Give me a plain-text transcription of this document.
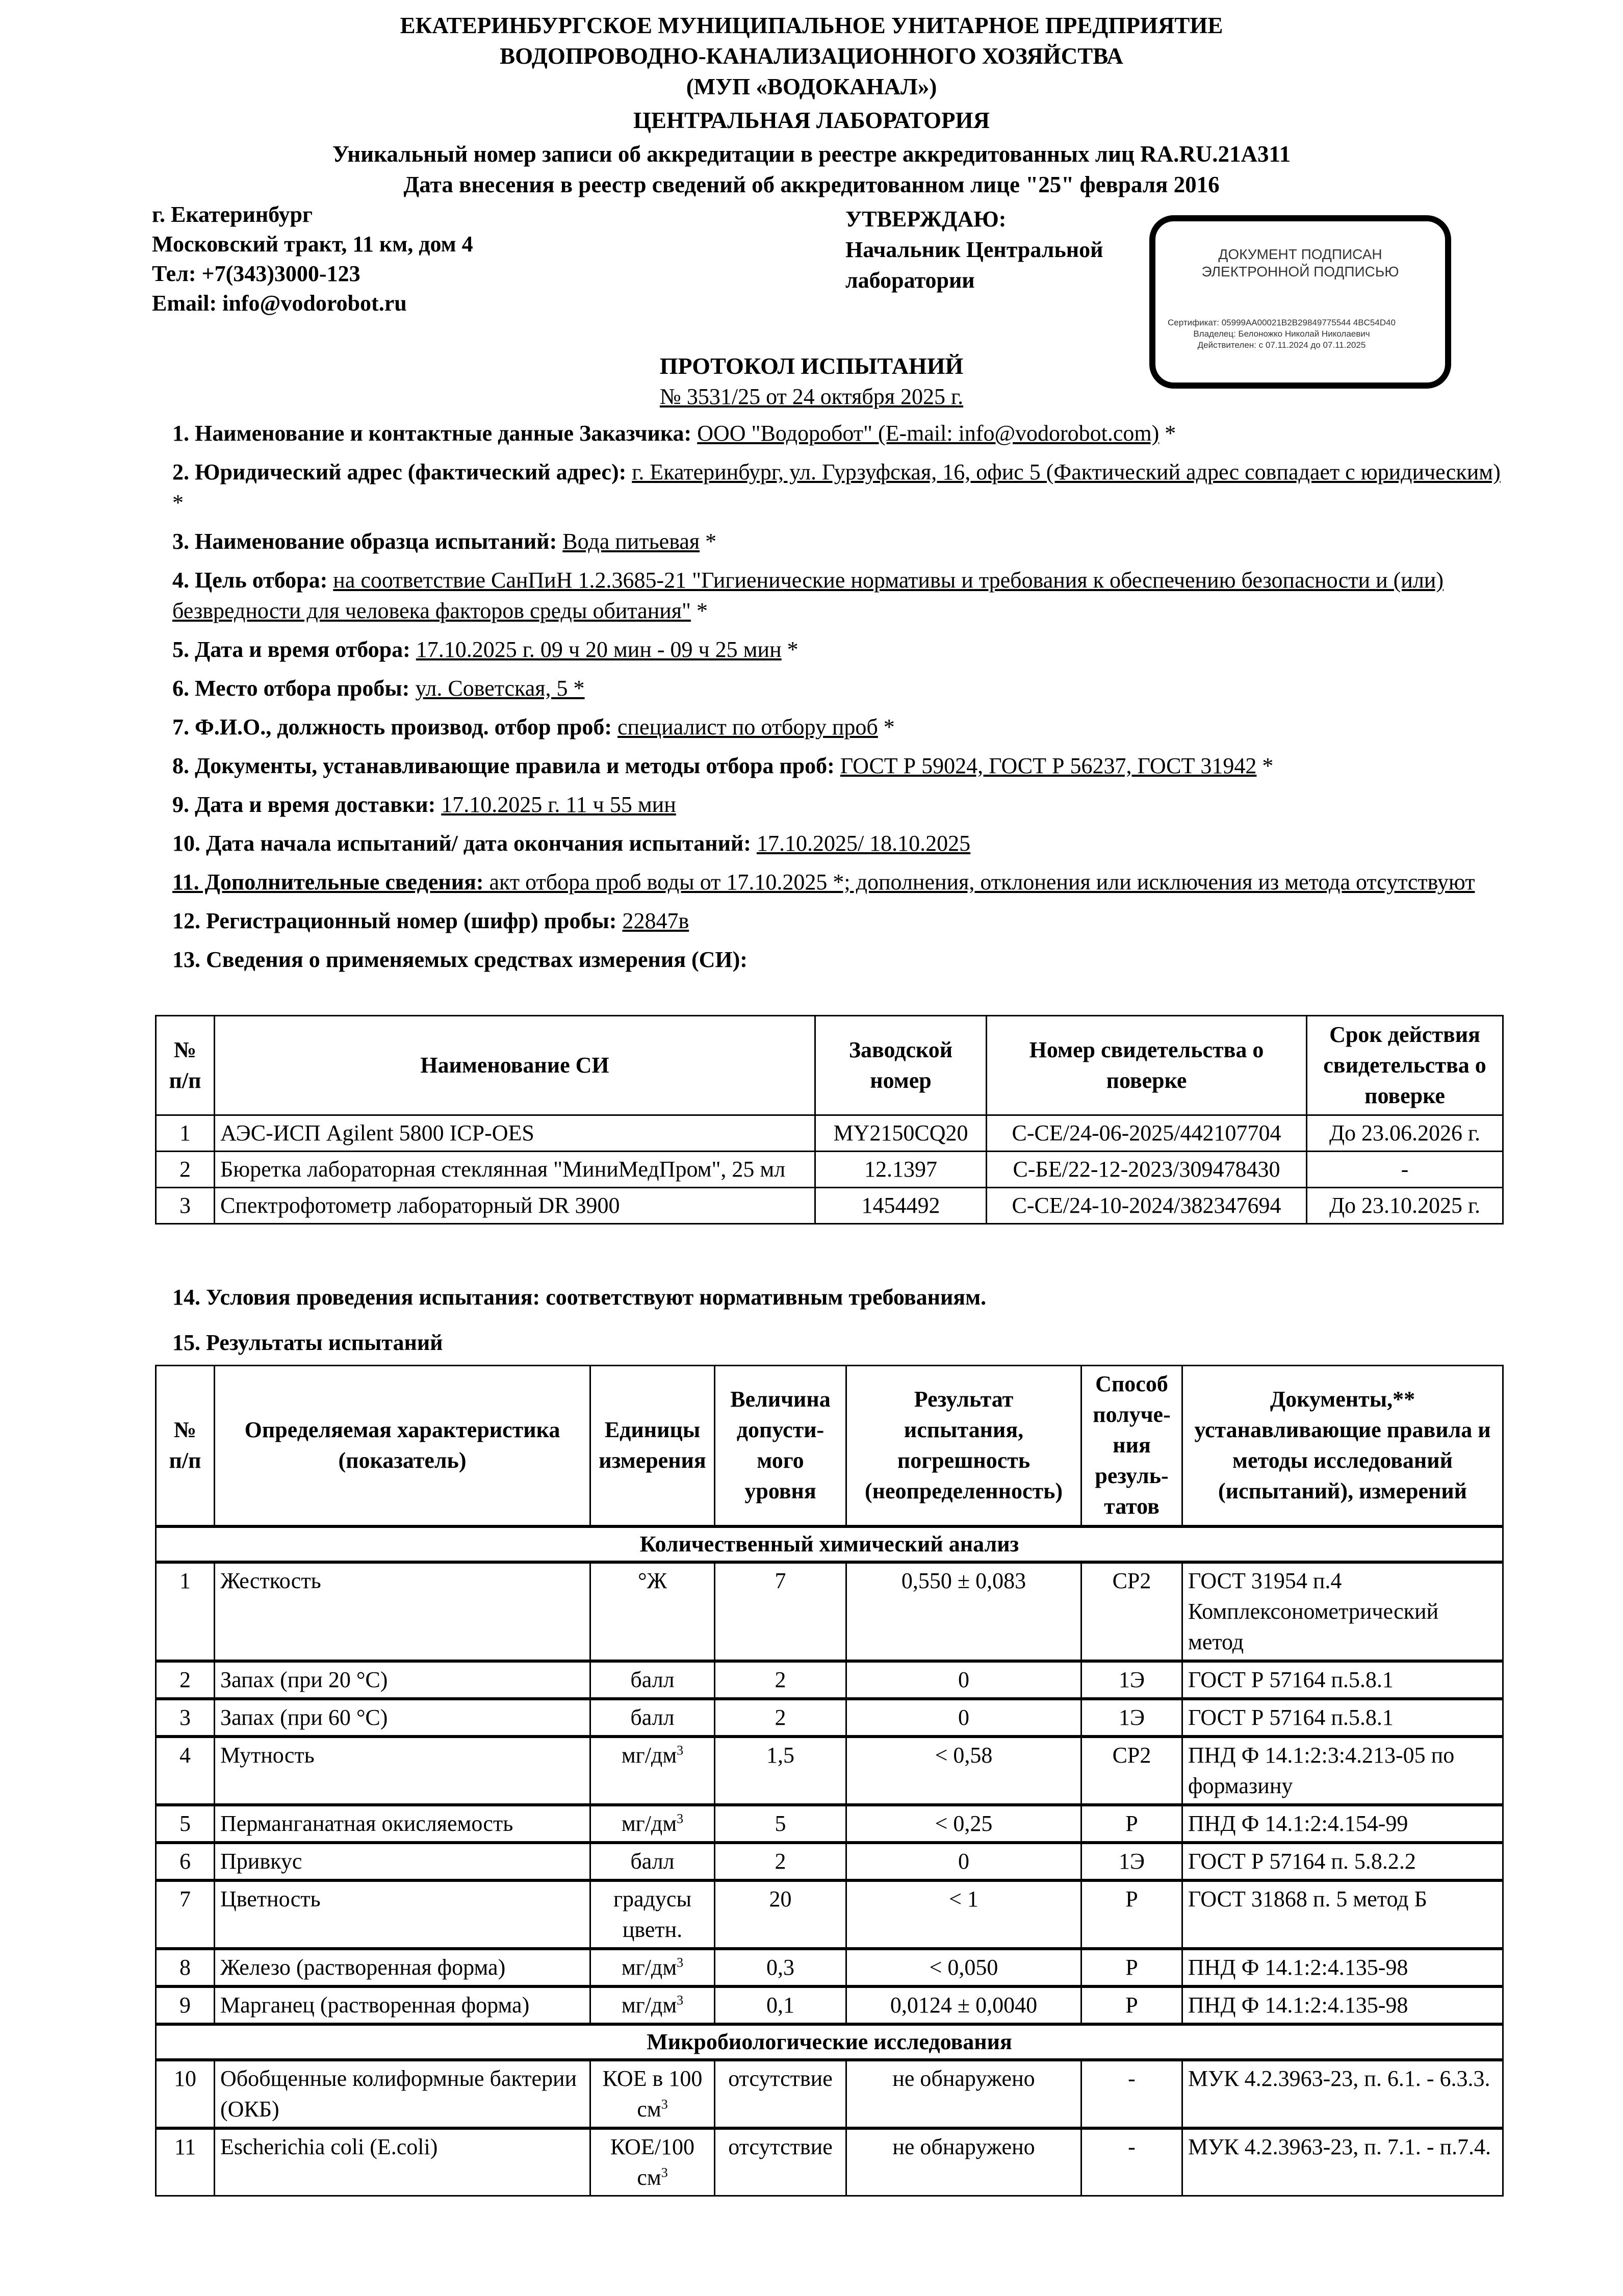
ЕКАТЕРИНБУРГСКОЕ МУНИЦИПАЛЬНОЕ УНИТАРНОЕ ПРЕДПРИЯТИЕ
ВОДОПРОВОДНО-КАНАЛИЗАЦИОННОГО ХОЗЯЙСТВА
(МУП «ВОДОКАНАЛ»)
ЦЕНТРАЛЬНАЯ ЛАБОРАТОРИЯ
Уникальный номер записи об аккредитации в реестре аккредитованных лиц RA.RU.21А311
Дата внесения в реестр сведений об аккредитованном лице "25" февраля 2016
г. Екатеринбург
Московский тракт, 11 км, дом 4
Тел: +7(343)3000-123
Email: info@vodorobot.ru
УТВЕРЖДАЮ:
Начальник Центральной
лаборатории
ДОКУМЕНТ ПОДПИСАН
ЭЛЕКТРОННОЙ ПОДПИСЬЮ
Сертификат: 05999AA00021B2B29849775544 4BC54D40
Владелец: Белоножко Николай Николаевич
Действителен: с 07.11.2024 до 07.11.2025
ПРОТОКОЛ ИСПЫТАНИЙ
№ 3531/25 от 24 октября 2025 г.
1. Наименование и контактные данные Заказчика: ООО "Водоробот" (E-mail: info@vodorobot.com) *
2. Юридический адрес (фактический адрес): г. Екатеринбург, ул. Гурзуфская, 16, офис 5 (Фактический адрес совпадает с юридическим) *
3. Наименование образца испытаний: Вода питьевая *
4. Цель отбора: на соответствие СанПиН 1.2.3685-21 "Гигиенические нормативы и требования к обеспечению безопасности и (или) безвредности для человека факторов среды обитания" *
5. Дата и время отбора: 17.10.2025 г. 09 ч 20 мин - 09 ч 25 мин *
6. Место отбора пробы: ул. Советская, 5 *
7. Ф.И.О., должность производ. отбор проб: специалист по отбору проб *
8. Документы, устанавливающие правила и методы отбора проб: ГОСТ Р 59024, ГОСТ Р 56237, ГОСТ 31942 *
9. Дата и время доставки: 17.10.2025 г. 11 ч 55 мин
10. Дата начала испытаний/ дата окончания испытаний: 17.10.2025/ 18.10.2025
11. Дополнительные сведения: акт отбора проб воды от 17.10.2025 *; дополнения, отклонения или исключения из метода отсутствуют
12. Регистрационный номер (шифр) пробы: 22847в
13. Сведения о применяемых средствах измерения (СИ):
№ п/п	Наименование СИ	Заводской номер	Номер свидетельства о поверке	Срок действия свидетельства о поверке
1	АЭС-ИСП Agilent 5800 ICP-OES	MY2150CQ20	С-СЕ/24-06-2025/442107704	До 23.06.2026 г.
2	Бюретка лабораторная стеклянная "МиниМедПром", 25 мл	12.1397	С-БЕ/22-12-2023/309478430	-
3	Спектрофотометр лабораторный DR 3900	1454492	С-СЕ/24-10-2024/382347694	До 23.10.2025 г.
14. Условия проведения испытания: соответствуют нормативным требованиям.
15. Результаты испытаний
№ п/п	Определяемая характеристика (показатель)	Единицы измерения	Величина допусти-мого уровня	Результат испытания, погрешность (неопределенность)	Способ получе-ния резуль-татов	Документы,** устанавливающие правила и методы исследований (испытаний), измерений
Количественный химический анализ						
1	Жесткость	°Ж	7	0,550 ± 0,083	СР2	ГОСТ 31954 п.4 Комплексонометрический метод
2	Запах (при 20 °С)	балл	2	0	1Э	ГОСТ Р 57164 п.5.8.1
3	Запах (при 60 °С)	балл	2	0	1Э	ГОСТ Р 57164 п.5.8.1
4	Мутность	$мг/дм^3$	1,5	< 0,58	СР2	ПНД Ф 14.1:2:3:4.213-05 по формазину
5	Перманганатная окисляемость	$мг/дм^3$	5	< 0,25	Р	ПНД Ф 14.1:2:4.154-99
6	Привкус	балл	2	0	1Э	ГОСТ Р 57164 п. 5.8.2.2
7	Цветность	градусы цветн.	20	< 1	Р	ГОСТ 31868 п. 5 метод Б
8	Железо (растворенная форма)	$мг/дм^3$	0,3	< 0,050	Р	ПНД Ф 14.1:2:4.135-98
9	Марганец (растворенная форма)	$мг/дм^3$	0,1	0,0124 ± 0,0040	Р	ПНД Ф 14.1:2:4.135-98
Микробиологические исследования						
10	Обобщенные колиформные бактерии (ОКБ)	КОЕ в 100 $см^3$	отсутствие	не обнаружено	-	МУК 4.2.3963-23, п. 6.1. - 6.3.3.
11	Escherichia coli (E.coli)	КОЕ/100 $см^3$	отсутствие	не обнаружено	-	МУК 4.2.3963-23, п. 7.1. - п.7.4.
